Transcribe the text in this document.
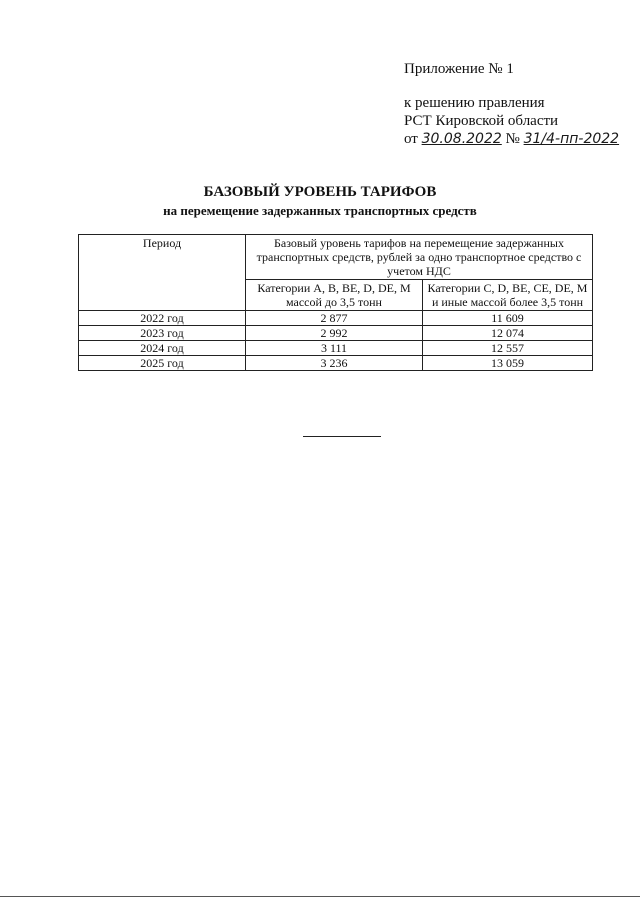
Приложение № 1
к решению правления
РСТ Кировской области
от 30.08.2022 № 31/4-пп-2022
БАЗОВЫЙ УРОВЕНЬ ТАРИФОВ
на перемещение задержанных транспортных средств
Период	Базовый уровень тарифов на перемещение задержанных транспортных средств, рублей за одно транспортное средство с учетом НДС	
	Категории A, B, BE, D, DE, M массой до 3,5 тонн	Категории C, D, BE, CE, DE, M и иные массой более 3,5 тонн
2022 год	2 877	11 609
2023 год	2 992	12 074
2024 год	3 111	12 557
2025 год	3 236	13 059
